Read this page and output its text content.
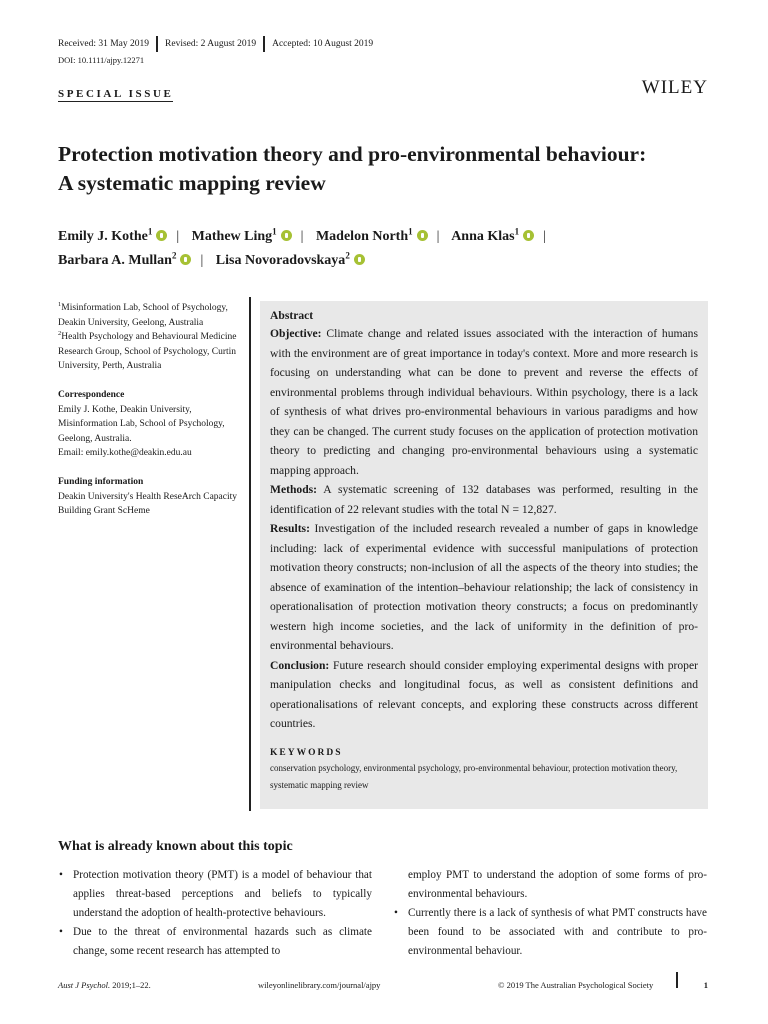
Received: 31 May 2019	Revised: 2 August 2019	Accepted: 10 August 2019
DOI: 10.1111/ajpy.12271
SPECIAL ISSUE	WILEY
Protection motivation theory and pro-environmental behaviour:
A systematic mapping review
Emily J. Kothe$^1$ | Mathew Ling$^1$ | Madelon North$^1$ | Anna Klas$^1$ |
Barbara A. Mullan$^2$ | Lisa Novoradovskaya$^2$
$^1$Misinformation Lab, School of Psychology, Deakin University, Geelong, Australia
$^2$Health Psychology and Behavioural Medicine Research Group, School of Psychology, Curtin University, Perth, Australia
Correspondence
Emily J. Kothe, Deakin University, Misinformation Lab, School of Psychology, Geelong, Australia.
Email: emily.kothe@deakin.edu.au
Funding information
Deakin University's Health ReseArch Capacity Building Grant ScHeme
Abstract

Objective: Climate change and related issues associated with the interaction of humans with the environment are of great importance in today's context. More and more research is focusing on understanding what can be done to prevent and reverse the effects of environmental problems through individual behaviours. Within psychology, there is a lack of synthesis of what drives pro-environmental behaviours in various paradigms and how they can be changed. The current study focuses on the application of protection motivation theory to predicting and changing pro-environmental behaviours using a systematic mapping approach.

Methods: A systematic screening of 132 databases was performed, resulting in the identification of 22 relevant studies with the total N = 12,827.

Results: Investigation of the included research revealed a number of gaps in knowledge including: lack of experimental evidence with successful manipulations of protection motivation theory constructs; non-inclusion of all the aspects of the theory into studies; the absence of examination of the intention–behaviour relationship; the lack of consistency in operationalisation of protection motivation theory constructs; a focus on predominantly western high income societies, and the lack of uniformity in the definition of pro-environmental behaviours.

Conclusion: Future research should consider employing experimental designs with proper manipulation checks and longitudinal focus, as well as consistent definitions and operationalisations of relevant concepts, and exploring these constructs across different countries.

KEYWORDS
conservation psychology, environmental psychology, pro-environmental behaviour, protection motivation theory, systematic mapping review
What is already known about this topic
• Protection motivation theory (PMT) is a model of behaviour that applies threat-based perceptions and beliefs to typically understand the adoption of health-protective behaviours.
• Due to the threat of environmental hazards such as climate change, some recent research has attempted to
employ PMT to understand the adoption of some forms of pro-environmental behaviours.
• Currently there is a lack of synthesis of what PMT constructs have been found to be associated with and contribute to pro-environmental behaviour.
Aust J Psychol. 2019;1–22.	wileyonlinelibrary.com/journal/ajpy	© 2019 The Australian Psychological Society	1
